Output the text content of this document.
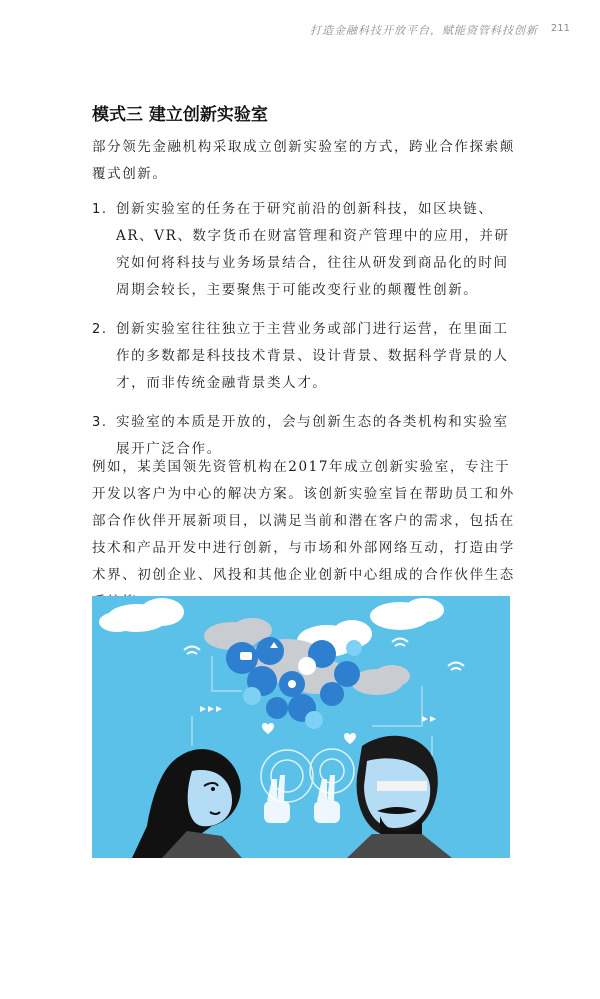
打造金融科技开放平台，赋能资管科技创新 211
模式三 建立创新实验室
部分领先金融机构采取成立创新实验室的方式，跨业合作探索颠覆式创新。
1. 创新实验室的任务在于研究前沿的创新科技，如区块链、AR、VR、数字货币在财富管理和资产管理中的应用，并研究如何将科技与业务场景结合，往往从研发到商品化的时间周期会较长，主要聚焦于可能改变行业的颠覆性创新。
2. 创新实验室往往独立于主营业务或部门进行运营，在里面工作的多数都是科技技术背景、设计背景、数据科学背景的人才，而非传统金融背景类人才。
3. 实验室的本质是开放的，会与创新生态的各类机构和实验室展开广泛合作。
例如，某美国领先资管机构在2017年成立创新实验室，专注于开发以客户为中心的解决方案。该创新实验室旨在帮助员工和外部合作伙伴开展新项目，以满足当前和潜在客户的需求，包括在技术和产品开发中进行创新，与市场和外部网络互动，打造由学术界、初创企业、风投和其他企业创新中心组成的合作伙伴生态
